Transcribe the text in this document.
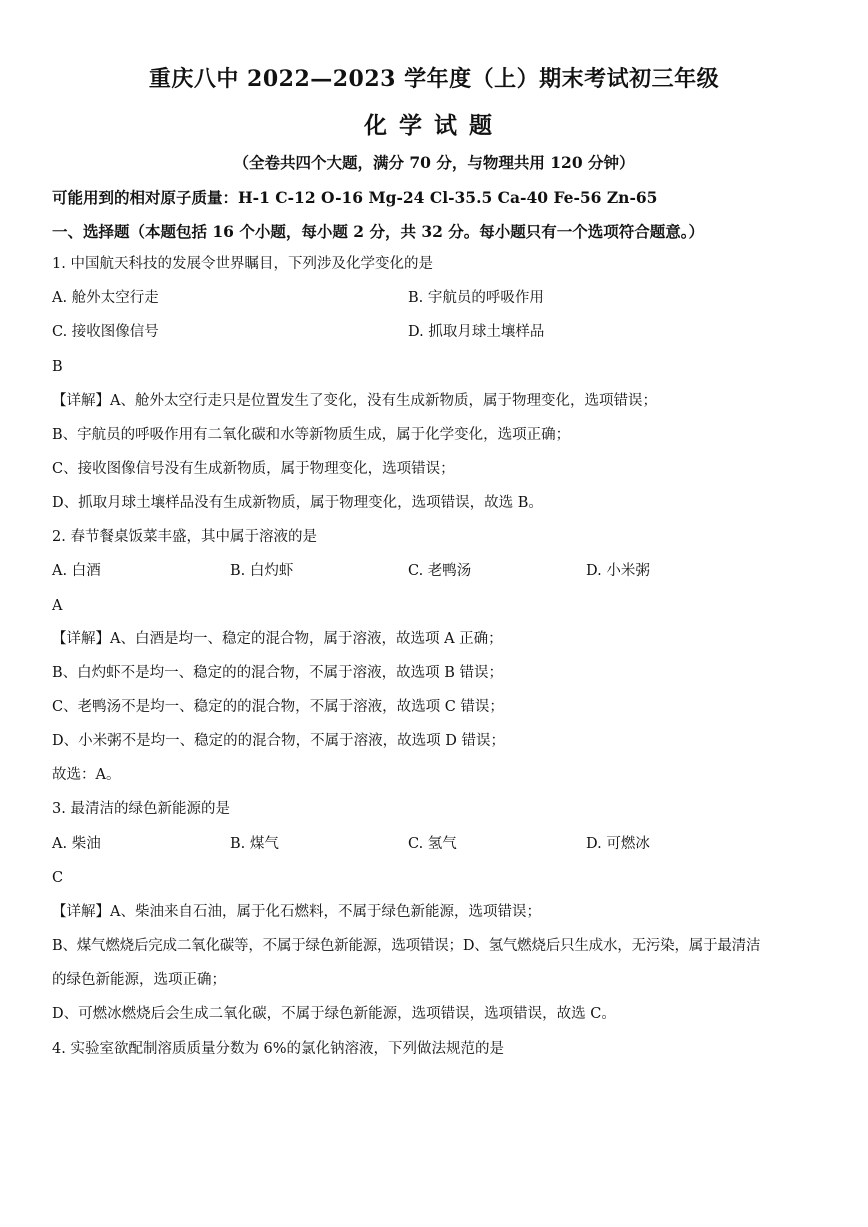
重庆八中 2022—2023 学年度（上）期末考试初三年级
化学试题
（全卷共四个大题，满分 70 分，与物理共用 120 分钟）
可能用到的相对原子质量：H-1 C-12 O-16 Mg-24 Cl-35.5 Ca-40 Fe-56 Zn-65
一、选择题（本题包括 16 个小题，每小题 2 分，共 32 分。每小题只有一个选项符合题意。）
1. 中国航天科技的发展令世界瞩目，下列涉及化学变化的是
A. 舱外太空行走	B. 宇航员的呼吸作用
C. 接收图像信号	D. 抓取月球土壤样品
B
【详解】A、舱外太空行走只是位置发生了变化，没有生成新物质，属于物理变化，选项错误；
B、宇航员的呼吸作用有二氧化碳和水等新物质生成，属于化学变化，选项正确；
C、接收图像信号没有生成新物质，属于物理变化，选项错误；
D、抓取月球土壤样品没有生成新物质，属于物理变化，选项错误，故选 B。
2. 春节餐桌饭菜丰盛，其中属于溶液的是
A. 白酒	B. 白灼虾	C. 老鸭汤	D. 小米粥
A
【详解】A、白酒是均一、稳定的混合物，属于溶液，故选项 A 正确；
B、白灼虾不是均一、稳定的的混合物，不属于溶液，故选项 B 错误；
C、老鸭汤不是均一、稳定的的混合物，不属于溶液，故选项 C 错误；
D、小米粥不是均一、稳定的的混合物，不属于溶液，故选项 D 错误；
故选：A。
3. 最清洁的绿色新能源的是
A. 柴油	B. 煤气	C. 氢气	D. 可燃冰
C
【详解】A、柴油来自石油，属于化石燃料，不属于绿色新能源，选项错误；
B、煤气燃烧后完成二氧化碳等，不属于绿色新能源，选项错误；D、氢气燃烧后只生成水，无污染，属于最清洁
的绿色新能源，选项正确；
D、可燃冰燃烧后会生成二氧化碳，不属于绿色新能源，选项错误，选项错误，故选 C。
4. 实验室欲配制溶质质量分数为 6%的氯化钠溶液，下列做法规范的是
